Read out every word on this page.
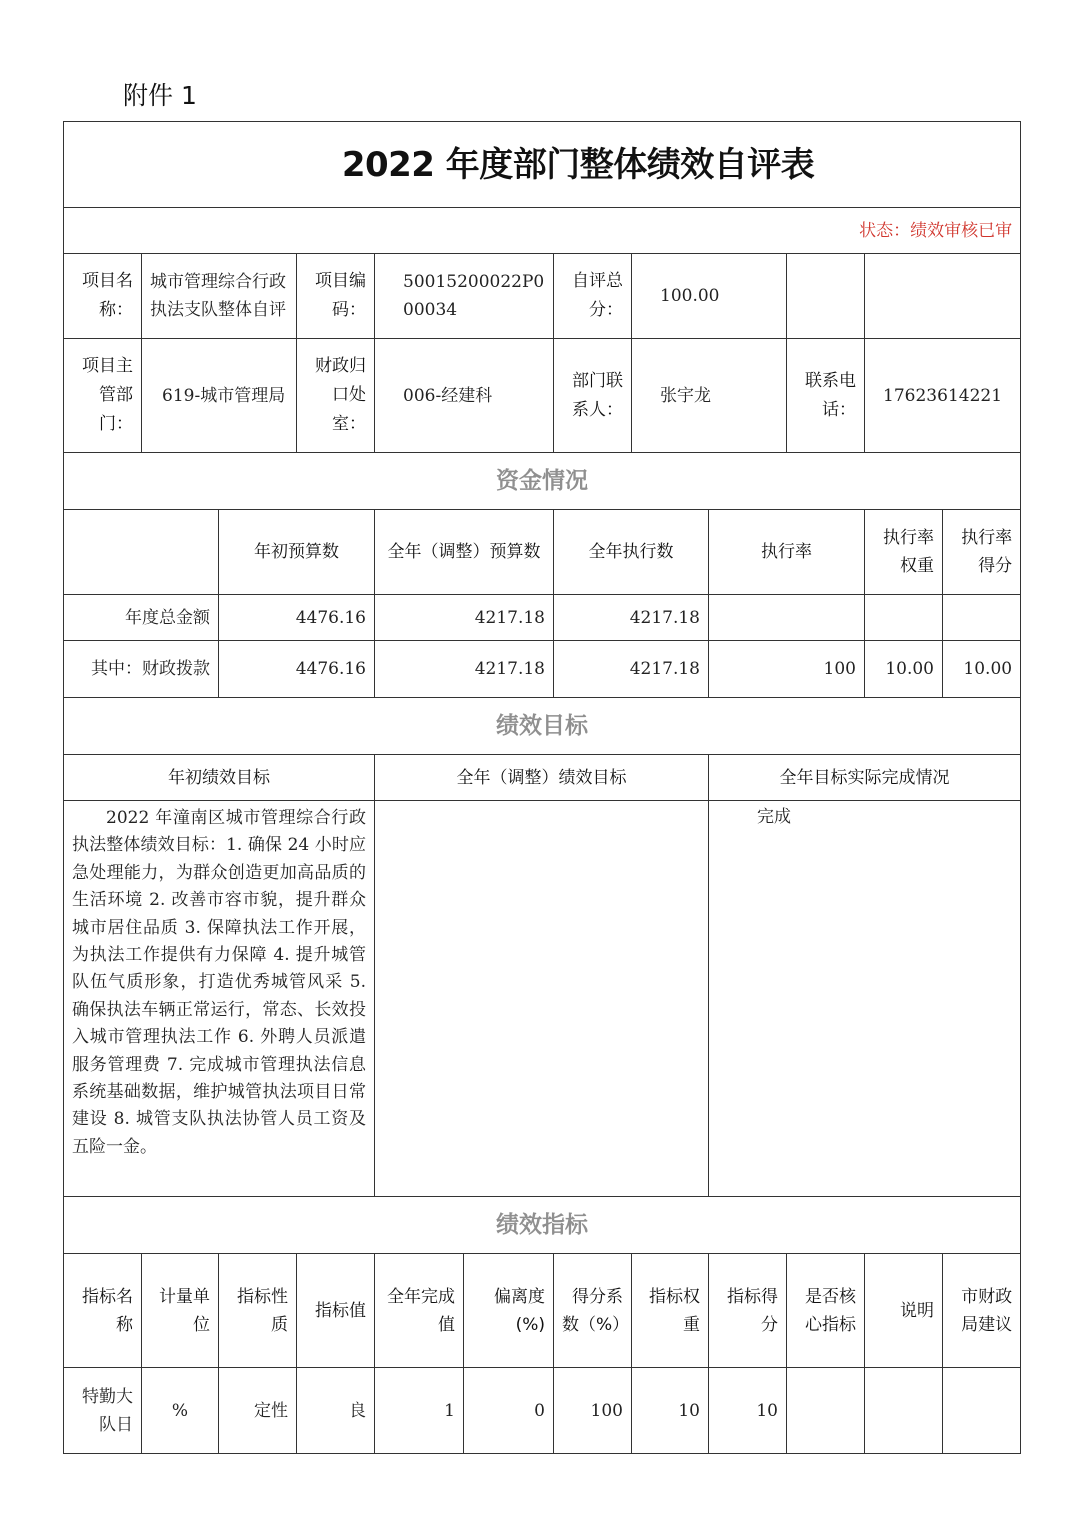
附件 1
2022 年度部门整体绩效自评表											
状态：绩效审核已审											
项目名称：	城市管理综合行政执法支队整体自评		项目编码：	50015200022P000034		自评总分：	100.00				
项目主管部门：	619-城市管理局		财政归口处室：	006-经建科		部门联系人：	张宇龙		联系电话：	17623614221	
资金情况											
		年初预算数		全年（调整）预算数		全年执行数		执行率		执行率权重	执行率得分
年度总金额		4476.16		4217.18		4217.18					
其中：财政拨款		4476.16		4217.18		4217.18		100		10.00	10.00
绩效目标											
年初绩效目标				全年（调整）绩效目标				全年目标实际完成情况			
2022 年潼南区城市管理综合行政执法整体绩效目标：1. 确保 24 小时应急处理能力，为群众创造更加高品质的生活环境 2. 改善市容市貌，提升群众城市居住品质 3. 保障执法工作开展，为执法工作提供有力保障 4. 提升城管队伍气质形象，打造优秀城管风采 5. 确保执法车辆正常运行，常态、长效投入城市管理执法工作 6. 外聘人员派遣服务管理费 7. 完成城市管理执法信息系统基础数据，维护城管执法项目日常建设 8. 城管支队执法协管人员工资及五险一金。								完成			
绩效指标											
指标名称	计量单位	指标性质	指标值	全年完成值	偏离度(%)	得分系数（%）	指标权重	指标得分	是否核心指标	说明	市财政局建议
特勤大队日	%	定性	良	1	0	100	10	10			
